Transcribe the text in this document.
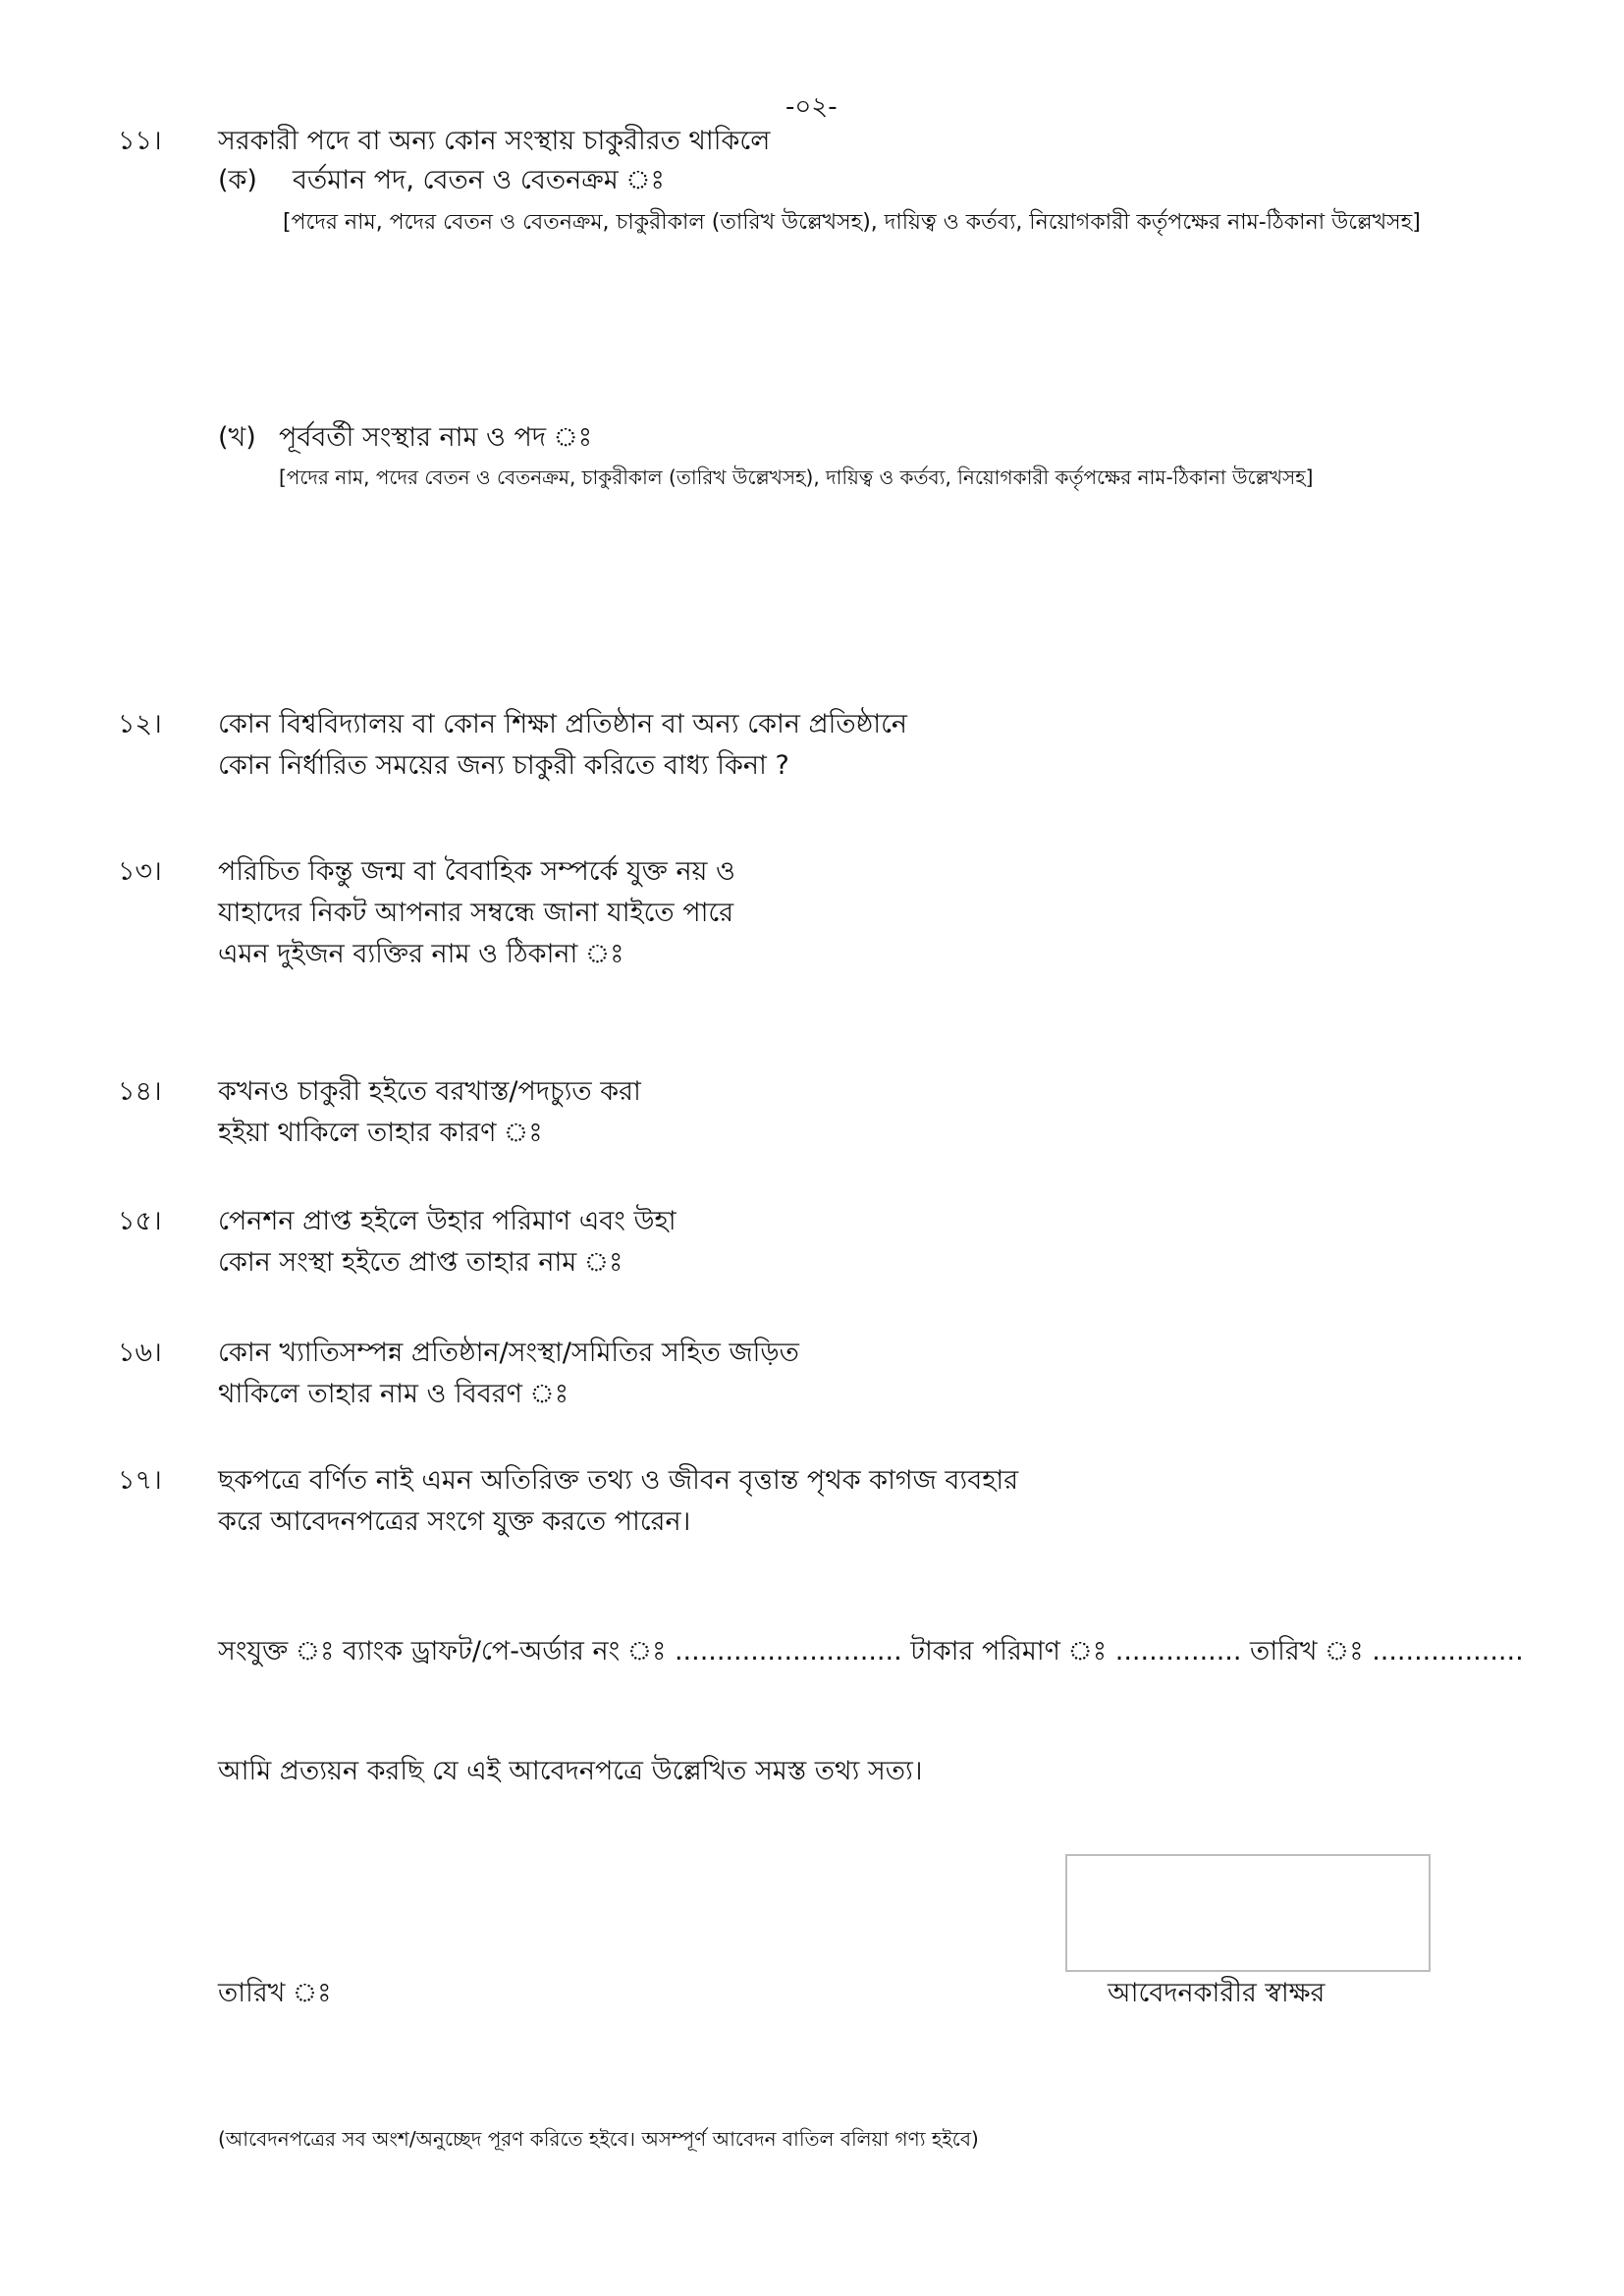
-০২-
১১। সরকারী পদে বা অন্য কোন সংস্থায় চাকুরীরত থাকিলে
(ক) বর্তমান পদ, বেতন ও বেতনক্রম ঃ
[পদের নাম, পদের বেতন ও বেতনক্রম, চাকুরীকাল (তারিখ উল্লেখসহ), দায়িত্ব ও কর্তব্য, নিয়োগকারী কর্তৃপক্ষের নাম-ঠিকানা উল্লেখসহ]
(খ) পূর্ববর্তী সংস্থার নাম ও পদ ঃ
[পদের নাম, পদের বেতন ও বেতনক্রম, চাকুরীকাল (তারিখ উল্লেখসহ), দায়িত্ব ও কর্তব্য, নিয়োগকারী কর্তৃপক্ষের নাম-ঠিকানা উল্লেখসহ]
১২। কোন বিশ্ববিদ্যালয় বা কোন শিক্ষা প্রতিষ্ঠান বা অন্য কোন প্রতিষ্ঠানে
কোন নির্ধারিত সময়ের জন্য চাকুরী করিতে বাধ্য কিনা ?
১৩। পরিচিত কিন্তু জন্ম বা বৈবাহিক সম্পর্কে যুক্ত নয় ও
যাহাদের নিকট আপনার সম্বন্ধে জানা যাইতে পারে
এমন দুইজন ব্যক্তির নাম ও ঠিকানা ঃ
১৪। কখনও চাকুরী হইতে বরখাস্ত/পদচ্যুত করা
হইয়া থাকিলে তাহার কারণ ঃ
১৫। পেনশন প্রাপ্ত হইলে উহার পরিমাণ এবং উহা
কোন সংস্থা হইতে প্রাপ্ত তাহার নাম ঃ
১৬। কোন খ্যাতিসম্পন্ন প্রতিষ্ঠান/সংস্থা/সমিতির সহিত জড়িত
থাকিলে তাহার নাম ও বিবরণ ঃ
১৭। ছকপত্রে বর্ণিত নাই এমন অতিরিক্ত তথ্য ও জীবন বৃত্তান্ত পৃথক কাগজ ব্যবহার
করে আবেদনপত্রের সংগে যুক্ত করতে পারেন।
সংযুক্ত ঃ ব্যাংক ড্রাফট/পে-অর্ডার নং ঃ ........................... টাকার পরিমাণ ঃ ............... তারিখ ঃ ..................
আমি প্রত্যয়ন করছি যে এই আবেদনপত্রে উল্লেখিত সমস্ত তথ্য সত্য।
তারিখ ঃ	আবেদনকারীর স্বাক্ষর
(আবেদনপত্রের সব অংশ/অনুচ্ছেদ পূরণ করিতে হইবে। অসম্পূর্ণ আবেদন বাতিল বলিয়া গণ্য হইবে)
